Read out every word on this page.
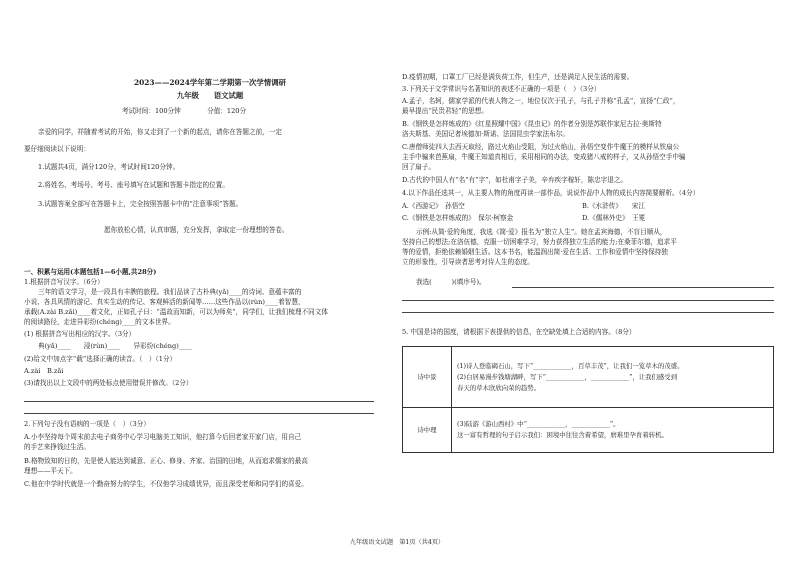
2023——2024学年第二学期第一次学情调研
九年级　　语文试题
考试时间：100分钟　　　　分值：120分
亲爱的同学，祥随着考试的开始，你又走到了一个新的起点，请你在答题之前，一定
要仔细阅读以下说明：
1.试题共4页，满分120分，考试时间120分钟。
2.将姓名、考场号、考号、座号填写在试题和答题卡指定的位置。
3.试题答案全部写在答题卡上，完全按照答题卡中的“注意事项”答题。
愿你放松心情，认真审题，充分发挥，拿取定一份理想的答卷。
一、积累与运用(本题包括1—6小题,共28分)
1.根据拼音写汉字。（6分）
三年的语文学习，是一段具有丰腴的旅程。我们品读了古朴典(yǎ)____的诗词、意蕴丰富的
小说、各具风情的游记、真实生动的传记、客观鲜活的新闻等……这些作品以(rùn)____着智慧，
承载(A.zài B.zǎi)____着文化，正如孔子曰：“温故而知新，可以为师矣”，同学们，让我们梳理不同文体
的阅读路径，走进异彩纷(chéng)____的文本世界。
(1) 根据拼音写出相应的汉字。（3分）
典(yǎ)____　　浸(rùn)____　　异彩纷(chéng)____
(2)给文中加点字“载”选择正确的读音。（　）（1分）
A.zài　B.zǎi
(3)请找出以上文段中的两处标点使用错误并修改。（2分）
2.下列句子没有语病的一项是（　）（3分）
A.小李坚持每个周末前去电子商务中心学习电脑美工知识，他打算今后回老家开家门店，用自己
的手艺来挣钱过生活。
B.格物致知的日的，先是使人能达到诚意、正心、修身、齐家、治国的田地，从而追求儒家的最高
理想——平天下。
C.他在中学时代就是一个勤奋努力的学生，不仅他学习成绩优异，而且深受老师和同学们的喜爱。
D.疫情初期，口罩工厂已经是满负荷工作，但生产，还是满足人民生活的需要。
3.下列关于文学常识与名著知识的表述不正确的一项是（　）（3分）
A.孟子，名轲，儒家学派的代表人物之一，地位仅次于孔子，与孔子并称“孔孟”，宣扬“仁政”，
最早提出“民贵君轻”的思想。
B.《钢铁是怎样炼成的》《红星照耀中国》《昆虫记》的作者分别是苏联作家尼古拉·奥斯特
洛夫斯基、美国记者埃德加·斯诺、法国昆虫学家法布尔。
C.唐僧师徒四人去西天取经，路过火焰山受阻，为过火焰山，孙悟空变作牛魔王的模样从铁扇公
主手中骗来芭蕉扇，牛魔王知道真相后，采用相同的办法，变成猪八戒的样子，又从孙悟空手中骗
回了扇子。
D.古代的中国人有“名”有“字”，如杜甫字子美，辛弃疾字稼轩，陈忠字退之。
4.以下作品任选其一，从主要人物的角度再读一部作品，说说作品中人物的成长内容简要解析。（4分）
A.《西游记》　孙悟空	B.《水浒传》　　宋江
C.《钢铁是怎样炼成的》　保尔·柯察金	D.《儒林外史》　王冕
示例:从简·爱的角度，我选《简·爱》报名为“独立人生”。她在孟宾海德，不盲目顺从，
坚持自己的想法;在洛伍德，克服一切困难学习，努力获得独立生活的能力;在桑菲尔德，追求平
等的爱情，拒绝依赖婚姻生活。这本书名，能温润出简·爱在生活、工作和爱情中坚持保持独
立的形象性，引导读者思考对待人生的态度。
我选(　　　)(填序号)。
5. 中国是诗的国度，请根据下表提供的信息，在空缺处填上合适的内容。（8分）
诗中景	(1)诗人登临碣石山，写下“____________，百草丰茂”，让我们一览草木的茂盛。
(2)白居易漫步钱塘湖畔，写下“____________，____________”，让我们感受到
春天的草木欣欣向荣的趋势。

诗中理	(3)陆游《游山西村》中“____________，____________”。
这一富有哲理的句子启示我们：困境中往往含着希望，磨难里孕育着转机。
九年级语文试题　第1页（共4页）
